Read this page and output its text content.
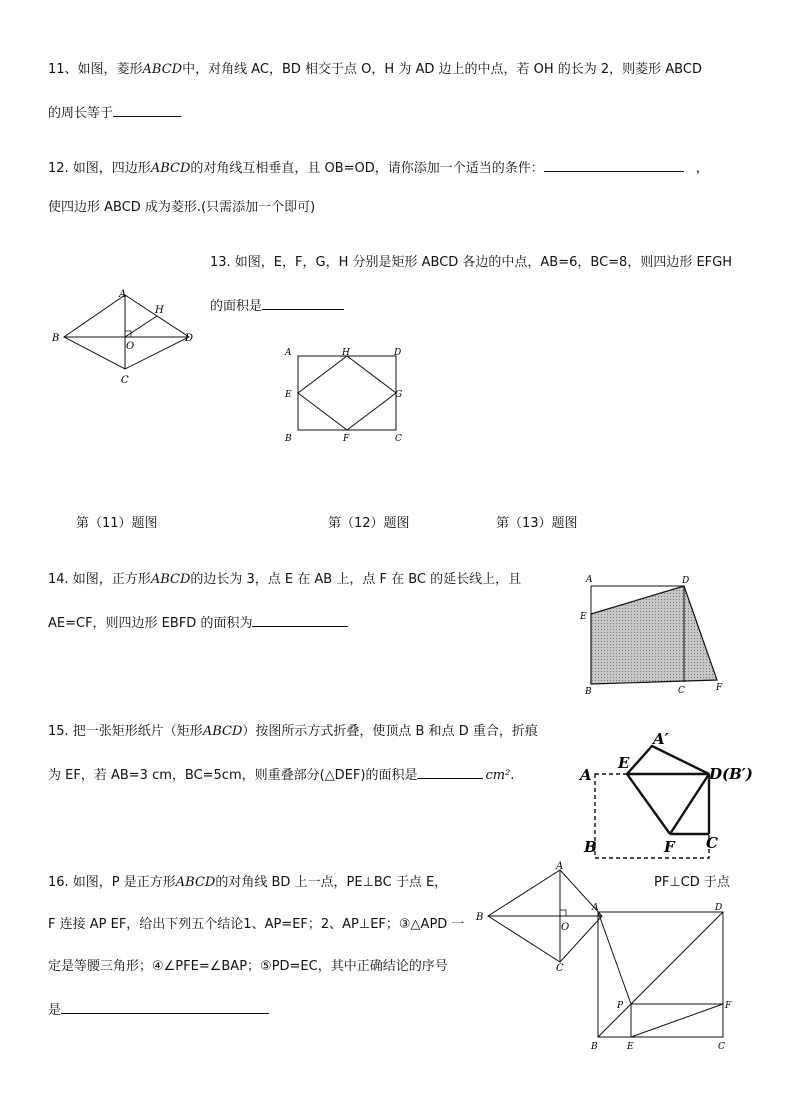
11、如图，菱形ABCD中，对角线 AC，BD 相交于点 O，H 为 AD 边上的中点，若 OH 的长为 2，则菱形 ABCD
的周长等于
12. 如图，四边形ABCD的对角线互相垂直，且 OB=OD，请你添加一个适当的条件：	，
使四边形 ABCD 成为菱形.(只需添加一个即可)
13. 如图，E，F，G，H 分别是矩形 ABCD 各边的中点，AB=6，BC=8，则四边形 EFGH
的面积是
A
B
C
D
O
H
A	H	D
E	G
B	F	C
第（11）题图	第（12）题图	第（13）题图
14. 如图，正方形ABCD的边长为 3，点 E 在 AB 上，点 F 在 BC 的延长线上，且
AE=CF，则四边形 EBFD 的面积为
A	D
E
B	C	F
15. 把一张矩形纸片（矩形ABCD）按图所示方式折叠，使顶点 B 和点 D 重合，折痕
为 EF，若 AB=3 cm，BC=5cm，则重叠部分(△DEF)的面积是	cm².	A
E
A′
D(B′)
B	F C
16. 如图，P 是正方形ABCD的对角线 BD 上一点，PE⊥BC 于点 E，	PF⊥CD 于点
F 连接 AP EF，给出下列五个结论1、AP=EF；2、AP⊥EF；③△APD 一
定是等腰三角形；④∠PFE=∠BAP；⑤PD=EC，其中正确结论的序号
是
A
B
C
O
A	D
P	F
B	E	C
